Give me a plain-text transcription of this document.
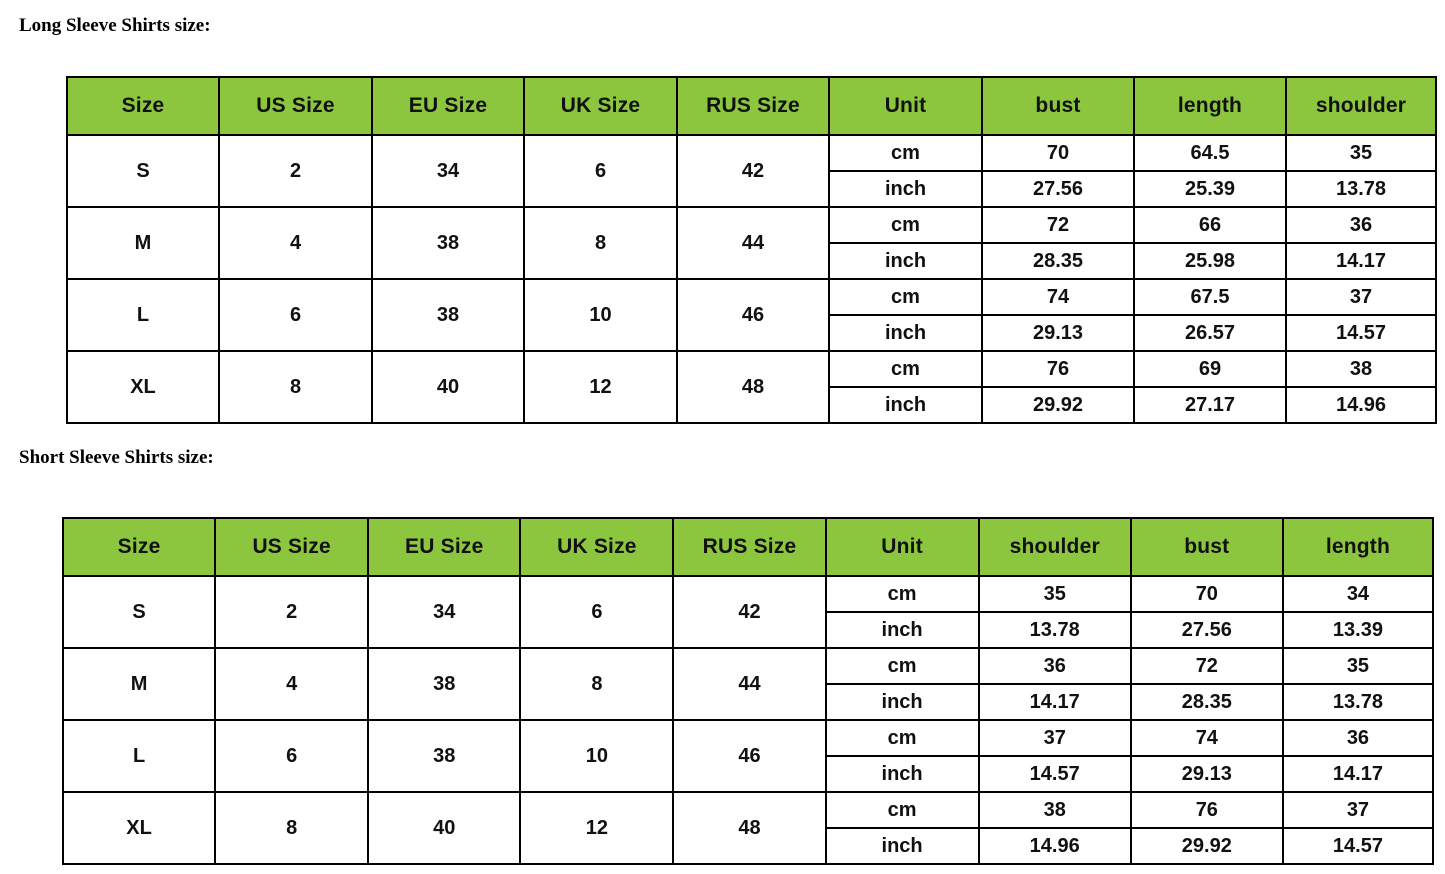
Long Sleeve Shirts size:
Size	US Size	EU Size	UK Size	RUS Size	Unit	bust	length	shoulder
S	2	34	6	42	cm	70	64.5	35
					inch	27.56	25.39	13.78
M	4	38	8	44	cm	72	66	36
					inch	28.35	25.98	14.17
L	6	38	10	46	cm	74	67.5	37
					inch	29.13	26.57	14.57
XL	8	40	12	48	cm	76	69	38
					inch	29.92	27.17	14.96
Short Sleeve Shirts size:
Size	US Size	EU Size	UK Size	RUS Size	Unit	shoulder	bust	length
S	2	34	6	42	cm	35	70	34
					inch	13.78	27.56	13.39
M	4	38	8	44	cm	36	72	35
					inch	14.17	28.35	13.78
L	6	38	10	46	cm	37	74	36
					inch	14.57	29.13	14.17
XL	8	40	12	48	cm	38	76	37
					inch	14.96	29.92	14.57
